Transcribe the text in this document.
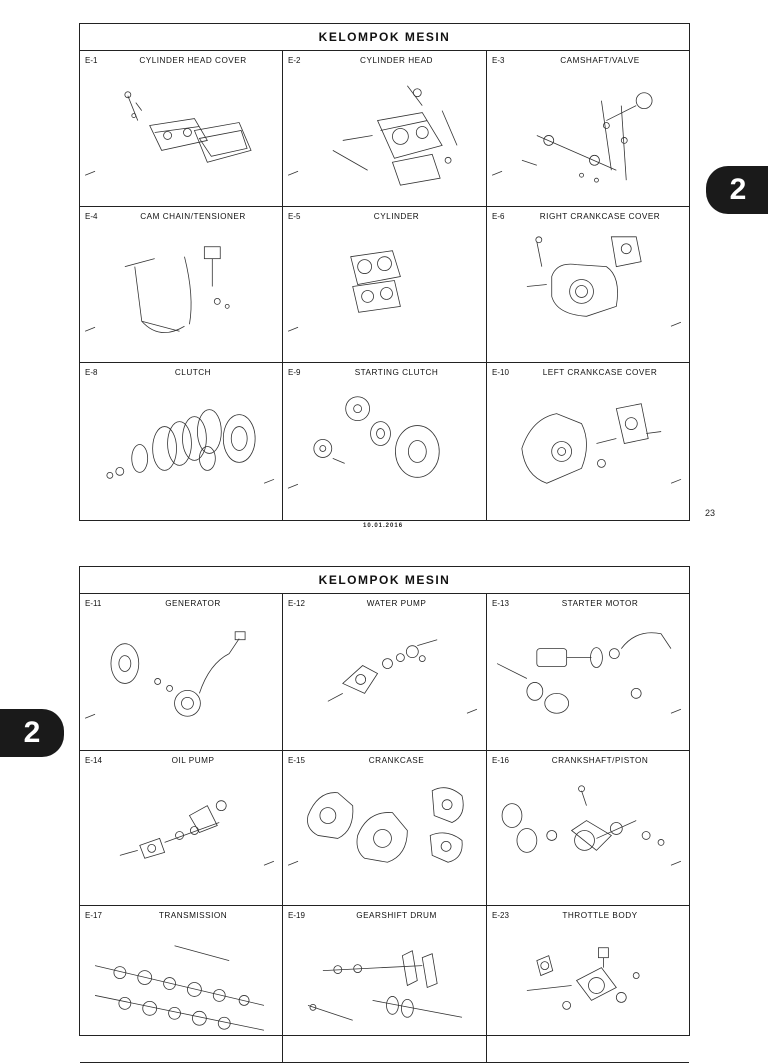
KELOMPOK MESIN
E-1	CYLINDER HEAD COVER	E-2	CYLINDER HEAD	E-3	CAMSHAFT/VALVE
E-4	CAM CHAIN/TENSIONER	E-5	CYLINDER	E-6	RIGHT CRANKCASE COVER
E-8	CLUTCH	E-9	STARTING CLUTCH	E-10	LEFT CRANKCASE COVER
2
23
10.01.2016
KELOMPOK MESIN
E-11	GENERATOR	E-12	WATER PUMP	E-13	STARTER MOTOR
E-14	OIL PUMP	E-15	CRANKCASE	E-16	CRANKSHAFT/PISTON
E-17	TRANSMISSION	E-19	GEARSHIFT DRUM	E-23	THROTTLE BODY
2
